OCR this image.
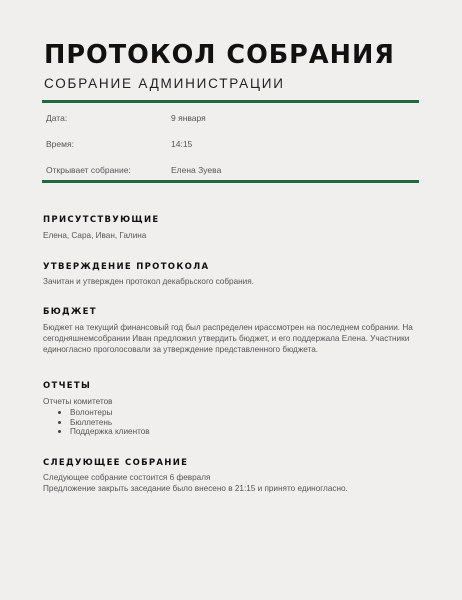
ПРОТОКОЛ СОБРАНИЯ
СОБРАНИЕ АДМИНИСТРАЦИИ
Дата:	9 января
Время:	14:15
Открывает собрание:	Елена Зуева
ПРИСУТСТВУЮЩИЕ
Елена, Сара, Иван, Галина
УТВЕРЖДЕНИЕ ПРОТОКОЛА
Зачитан и утвержден протокол декабрьского собрания.
БЮДЖЕТ
Бюджет на текущий финансовый год был распределен ирассмотрен на последнем собрании. На сегодняшнемсобрании Иван предложил утвердить бюджет, и его поддержала Елена. Участники единогласно проголосовали за утверждение представленного бюджета.
ОТЧЕТЫ
Отчеты комитетов
Волонтеры
Бюллетень
Поддержка клиентов
СЛЕДУЮЩЕЕ СОБРАНИЕ

Следующее собрание состоится 6 февраля

Предложение закрыть заседание было внесено в 21:15 и принято единогласно.
